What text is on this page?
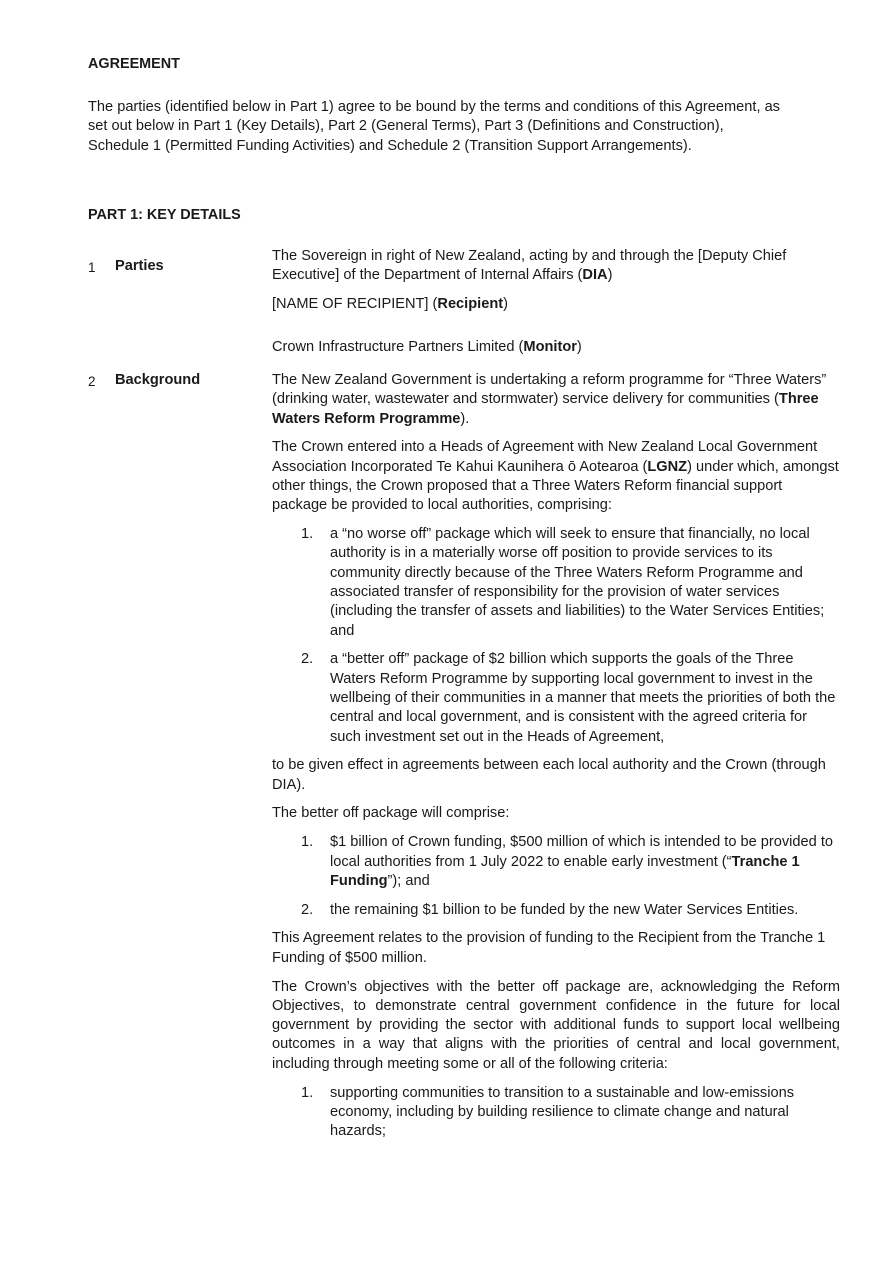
AGREEMENT
The parties (identified below in Part 1) agree to be bound by the terms and conditions of this Agreement, as set out below in Part 1 (Key Details), Part 2 (General Terms), Part 3 (Definitions and Construction), Schedule 1 (Permitted Funding Activities) and Schedule 2 (Transition Support Arrangements).
PART 1: KEY DETAILS
1 Parties

The Sovereign in right of New Zealand, acting by and through the [Deputy Chief Executive] of the Department of Internal Affairs (DIA)

[NAME OF RECIPIENT] (Recipient)

Crown Infrastructure Partners Limited (Monitor)

2 Background	The New Zealand Government is undertaking a reform programme for “Three Waters” (drinking water, wastewater and stormwater) service delivery for communities (Three Waters Reform Programme).

The Crown entered into a Heads of Agreement with New Zealand Local Government Association Incorporated Te Kahui Kaunihera ō Aotearoa (LGNZ) under which, amongst other things, the Crown proposed that a Three Waters Reform financial support package be provided to local authorities, comprising:

1. a “no worse off” package which will seek to ensure that financially, no local authority is in a materially worse off position to provide services to its community directly because of the Three Waters Reform Programme and associated transfer of responsibility for the provision of water services (including the transfer of assets and liabilities) to the Water Services Entities; and
2. a “better off” package of $2 billion which supports the goals of the Three Waters Reform Programme by supporting local government to invest in the wellbeing of their communities in a manner that meets the priorities of both the central and local government, and is consistent with the agreed criteria for such investment set out in the Heads of Agreement,

to be given effect in agreements between each local authority and the Crown (through DIA).

The better off package will comprise:

1. $1 billion of Crown funding, $500 million of which is intended to be provided to local authorities from 1 July 2022 to enable early investment (“Tranche 1 Funding”); and
2. the remaining $1 billion to be funded by the new Water Services Entities.

This Agreement relates to the provision of funding to the Recipient from the Tranche 1 Funding of $500 million.

The Crown’s objectives with the better off package are, acknowledging the Reform Objectives, to demonstrate central government confidence in the future for local government by providing the sector with additional funds to support local wellbeing outcomes in a way that aligns with the priorities of central and local government, including through meeting some or all of the following criteria:

1. supporting communities to transition to a sustainable and low-emissions economy, including by building resilience to climate change and natural hazards;
